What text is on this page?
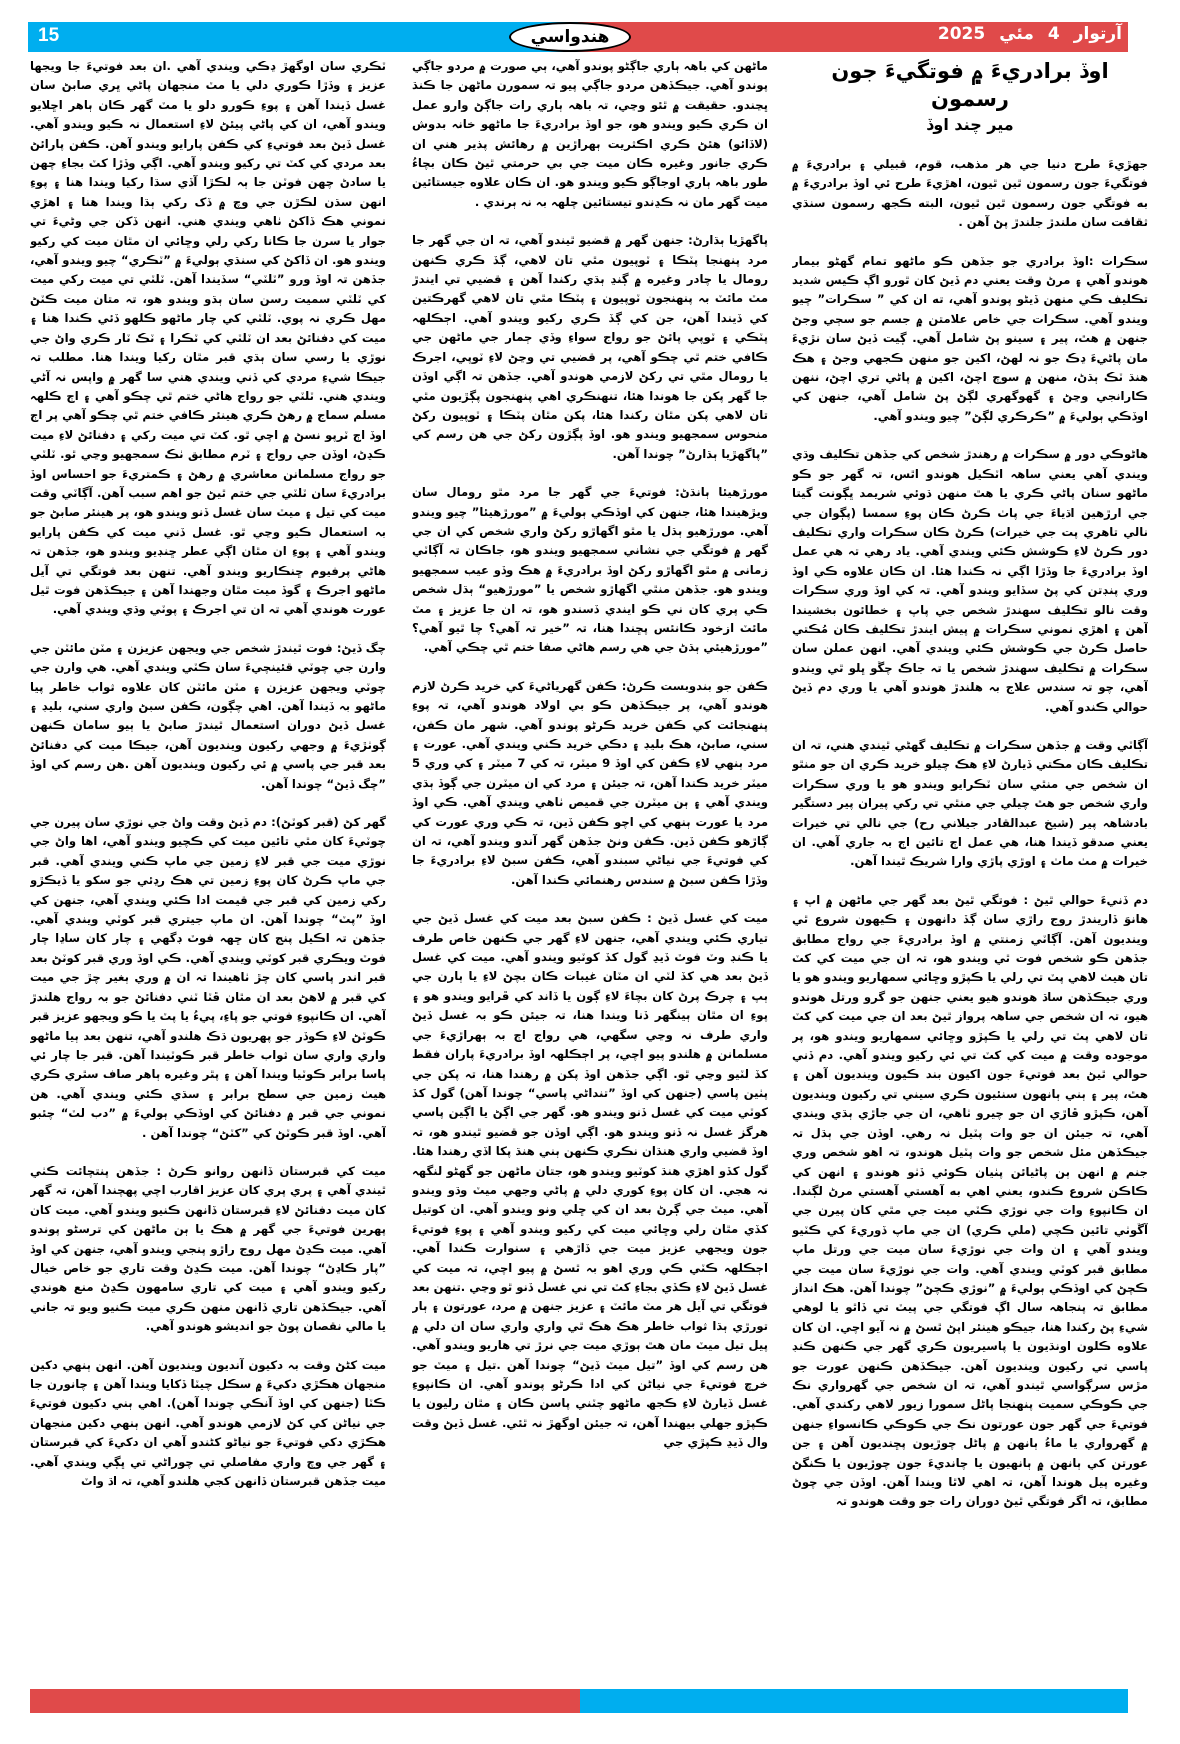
15	آرتوار
4
مئي
2025
هندواسي
اوڏ برادريءَ ۾ فوتگيءَ جون رسمون
مير چند اوڏ

جهڙيءَ طرح دنيا جي هر مذهب، قوم، قبيلي ۽ برادريءَ ۾ فوتگيءَ جون رسمون ٿين ٿيون، اهڙيءَ طرح ئي اوڏ برادريءَ ۾ به فوتگي جون رسمون ٿين ٿيون، البته ڪجھ رسمون سنڌي ثقافت سان ملندڙ جلندڙ پڻ آهن .

سڪرات :اوڏ برادري جو جڏهن ڪو ماڻهو تمام گهڻو بيمار هوندو آهي ۽ مرڻ وقت يعني دم ڏيڻ کان ٿورو اڳ ڪيس شديد تڪليف ڪي منهن ڏيڻو پوندو آهي، ته ان کي ” سڪرات” چيو ويندو آهي. سڪرات جي خاص علامتن ۾ جسم جو سڄي وجڻ جنهن ۾ هٿ، پير ۽ سينو پڻ شامل آهي. ڳيت ڏيڻ سان نڙيءَ مان پاڻيءَ ڍڪ جو نہ لهڻ، اکين جو منهن ڪجهي وجڻ ۽ هڪ هنڌ ٽڪ ٻڌڻ، منهن ۾ سوڄ اچڻ، اکين ۾ پاڻي تري اچڻ، ننهن ڪارانجي وڃڻ ۽ گهوگهري لڳڻ پڻ شامل آهي، جنهن کي اوڏڪي ٻوليءَ ۾ ”ڪرڪري لڳڻ” چيو ويندو آهي.

هاڻوڪي دور ۾ سڪرات ۾ رهندڙ شخص کي جڏهن تڪليف وڌي ويندي آهي يعني ساهہ اٽڪيل هوندو اٿس، تہ گهر جو ڪو ماڻهو سنان پاڻي ڪري يا هٿ منهن ڌوئي شريمد ڀڳونت گيتا جي ارڙهين اڌياءَ جي پاٺ ڪرڻ ڪان پوءِ سمسا (پڳوان جي نالي تاهري پت جي خيرات) ڪرڻ ڪان سڪرات واري تڪليف دور ڪرڻ لاءِ ڪوشش ڪئي ويندي آهي. ياد رهي تہ هي عمل اوڏ برادريءَ جا وڏڙا اڳي نہ ڪندا هئا. ان ڪان علاوه ڪي اوڏ وري پنڊتن کي پڻ سڏايو ويندو آهي. تہ کي اوڏ وري سڪرات وقت نالو تڪليف سهندڙ شخص جي پاپ ۽ خطائون بخشيندا آهن ۽ اهڙي نموني سڪرات ۾ پيش ايندڙ تڪليف ڪان مُڪتي حاصل ڪرڻ جي ڪوشش ڪئي ويندي آهي. انهن عملن سان سڪرات ۾ تڪليف سهندڙ شخص يا تہ جاڪ چڱو ڀلو ٿي ويندو آهي، چو تہ سندس علاج بہ هلندڙ هوندو آهي يا وري دم ڏيڻ حوالي ڪندو آهي.

آڳاٽي وقت ۾ جڏهن سڪرات ۾ تڪليف گهڻي ٿيندي هني، تہ ان تڪليف ڪان مڪتي ڏيارڻ لاءِ هڪ چيلو خريد ڪري ان جو منٿو ان شخص جي منٿي سان ٽڪرايو ويندو هو يا وري سڪرات واري شخص جو هٿ چيلي جي منٿي تي رکي پيران پير دستگير بادشاهہ پير (شيخ عبدالقادر جيلاني رح) جي نالي تي خيرات يعني صدقو ڏيندا هنا، هي عمل اڄ تائين اڄ بہ جاري آهي. ان خيرات ۾ مٺ ماٺ ۽ اوڙي پاڙي وارا شريڪ ٿيندا آهن.

دم ڏنيءَ حوالي ٿيڻ : فوتگي ٿيڻ بعد گهر جي ماڻهن ۾ اپ ۽ هانوَ ڏاريندڙ روج راڙي سان ڳڏ دانهون ۽ ڪيهون شروع ٿي وينديون آهن. آڳاٽي زمنتي ۾ اوڏ برادريءَ جي رواج مطابق جڏهن ڪو شخص فوت ٿي ويندو هو، تہ ان جي ميت کي کٽ تان هيٺ لاهي پٽ تي رلي يا ڪپڙو وڇائي سمهاريو ويندو هو يا وري جيڪڏهن ساڌ هوندو هيو يعني جنهن جو گرو ورتل هوندو هيو، تہ ان شخص جي ساهہ پرواز ٿيڻ بعد ان جي ميت کي کٽ تان لاهي پٽ تي رلي يا ڪپڙو وڇائي سمهاريو ويندو هو، پر موجوده وقت ۾ ميت کي کٽ تي ئي رکيو ويندو آهي. دم ڏني حوالي ٿيڻ بعد فوتيءَ جون اکيون بند ڪيون وينديون آهن ۽ هٿ، پير ۽ ٻني ٻانهون سنئيون ڪري سيني تي رکيون وينديون آهن، ڪپڙو ڦاڙي ان جو چيرو ٺاهي، ان جي جاڙي ٻڌي ويندي آهي، تہ جيئن ان جو وات پٽيل نہ رهي. اوڏن جي ٻڌل تہ جيڪڏهن مئل شخص جو وات پٽيل هوندو، تہ اهو شخص وري جنم ۾ انهن ٻن پاڻيائن پٺيان ڪوئي ڏٺو هوندو ۽ انهن کي ڪاڪن شروع ڪندو، يعني اهي به آهستي آهستي مرڻ لڳندا. ان ڪانپوءِ وات جي نوڙي ڪٽي ميت جي مٿي کان پيرن جي آڱوٺي تائين ڪچي (ملي ڪري) ان جي ماپ ڏوريءَ کي ڪٽيو ويندو آهي ۽ ان وات جي نوڙيءَ سان ميت جي ورتل ماپ مطابق قبر کوٽي ويندي آهي. وات جي نوڙيءَ سان ميت جي ڪچڻ کي اوڏڪي ٻوليءَ ۾ ”نوڙي ڪچڻ” چوندا آهن. هڪ انداز مطابق تہ پنجاهہ سال اڳ فوتگي جي پيٽ تي ڏاٿو يا لوهي شيءِ پڻ رکندا هنا، جيڪو هينئر اپڻ ٿسڻ ۾ نہ آيو اچي. ان کان علاوه ڪلون اونڌيون يا پاسيريون ڪري گهر جي ڪنهن ڪنڊ پاسي تي رکيون وينديون آهن. جيڪڏهن ڪنهن عورت جو مڙس سرڳواسي ٿيندو آهي، تہ ان شخص جي گهرواري نڪ جي ڪوڪي سميت پنهنجا پاڻل سمورا زيور لاهي رکندي آهي. فوتيءَ جي گهر جون عورتون نڪ جي ڪوڪي ڪانسواءِ جنهن ۾ گهرواري يا ماءُ ٻانهن ۾ پاڻل چوڙيون پڇنديون آهن ۽ جن عورتن کي ٻانهن ۾ ٻانهيون يا چانديءَ جون چوڙيون يا ڪنگڻ وغيره پيل هوندا آهن، تہ اهي لاٿا ويندا آهن. اوڏن جي چوڻ مطابق، تہ اگر فوتگي ٿيڻ دوران رات جو وقت هوندو تہ

ماڻهن کي باهہ ٻاري جاڳڻو پوندو آهي، ٻي صورت ۾ مردو جاڳي پوندو آهي. جيڪڏهن مردو جاڳي پيو تہ سمورن ماڻهن جا ڪنڌ ڀڃندو. حقيقت ۾ ٿئو وڃي، تہ باهہ ٻاري رات جاڳڻ وارو عمل ان ڪري ڪيو ويندو هو، جو اوڏ برادريءَ جا ماڻهو خانہ بدوش (لاڏائو) هئڻ ڪري اڪثريت ٻهراڙين ۾ رهائش پذير هني ان ڪري جانور وغيره ڪان ميت جي بي حرمتي ٿيڻ ڪان بچاءُ طور باهہ ٻاري اوجاڳو ڪيو ويندو هو. ان ڪان علاوه جيستائين ميت گهر مان نہ ڪڍندو تيستائين چلهہ بہ نہ ٻرندي .

پاگهڙيا ٻڌارڻ: جنهن گهر ۾ قضيو ٿيندو آهي، تہ ان جي گهر جا مرد پنهنجا پٽڪا ۽ ٽوپيون مٿي تان لاهي، ڳڏ ڪري ڪنهن رومال يا چادر وغيره ۾ ڳنڍ ٻڌي رکندا آهن ۽ قضيي تي ايندڙ مٽ مائٽ بہ پنهنجون ٽوپيون ۽ پٽڪا مٿي تان لاهي گهرڪتين کي ڏيندا آهن، جن کي ڳڏ ڪري رکيو ويندو آهي. اڄڪلهہ پٽڪي ۽ ٽوپي پائڻ جو رواج سواءِ وڏي ڄمار جي ماڻهن جي ڪافي ختم ٿي چڪو آهي، پر قضيي تي وڃڻ لاءِ ٽوپي، اجرڪ يا رومال مٿي تي رکڻ لازمي هوندو آهي. جڏهن تہ اڳي اوڏن جا گهر پکن جا هوندا هئا، تنهنڪري اهي پنهنجون پڳڙيون مٿي تان لاهي پکن مٿان رکندا هئا، پکن مٿان پٽڪا ۽ ٽوپيون رکڻ منحوس سمجهيو ويندو هو. اوڏ پڳڙون رکڻ جي هن رسم کي ”پاگهڙيا ٻڌارڻ” چوندا آهن.

مورڙهيئا ٻانڌڻ: فوتيءَ جي گهر جا مرد مٿو رومال سان ويڙهيندا هئا، جنهن کي اوڏڪي ٻوليءَ ۾ ”مورڙهيئا” چيو ويندو آهي. مورڙهيو ٻڌل يا مٿو اگهاڙو رکڻ واري شخص کي ان جي گهر ۾ فوتگي جي نشاني سمجهيو ويندو هو، جاڪان تہ آڳاٽي زمانی ۾ مٿو اگهاڙو رکڻ اوڏ برادريءَ ۾ هڪ وڏو عيب سمجهيو ويندو هو. جڏهن منٿي اگهاڙو شخص يا ”مورڙهيو“ ٻڌل شخص ڪي پري کان ني ڪو ايندي ڏسندو هو، تہ ان جا عزيز ۽ مٽ مائٽ ازخود ڪانئس پڇندا هنا، تہ ”خير تہ آهي؟ چا ٿيو آهي؟ ”مورڙهيئي ٻڌڻ جي هي رسم هاڻي صفا ختم ٿي چڪي آهي.

ڪفن جو بندوبست ڪرڻ: ڪفن گهرياڻيءَ کي خريد ڪرڻ لازم هوندو آهي، پر جيڪڏهن ڪو بي اولاد هوندو آهي، تہ پوءِ پنهنجائت کي ڪفن خريد ڪرڻو پوندو آهي. شهر مان ڪفن، سني، صابڻ، هڪ بليڊ ۽ دڪي خريد ڪني ويندي آهي. عورت ۽ مرد ٻنهي لاءِ ڪفن کي اوڏ 9 ميٽر، تہ کي 7 ميٽر ۽ کي وري 5 ميٽر خريد ڪندا آهن، تہ جيئن ۽ مرد کي ان ميٽرن جي ڳوڏ ٻڌي ويندي آهي ۽ ٻن ميٽرن جي قميص ٺاهي ويندي آهي. ڪي اوڏ مرد يا عورت ٻنهي کي اچو ڪفن ڏين، تہ ڪي وري عورت کي ڳاڙهو ڪفن ڏين. ڪفن ونڻ جڏهن گهر آندو ويندو آهي، تہ ان کي فوتيءَ جي نياڻي سبندو آهي، ڪفن سبڻ لاءِ برادريءَ جا وڏڙا ڪفن سبڻ ۾ سندس رهنمائي ڪندا آهن.

ميت کي غسل ڏيڻ : ڪفن سبڻ بعد ميت کي غسل ڏيڻ جي تياري ڪئي ويندي آهي، جنهن لاءِ گهر جي ڪنهن خاص طرف يا ڪنڊ وٽ فوٽ ڏيڍ گول کڏ کوٽيو ويندو آهي. ميت کي غسل ڏيڻ بعد هي کڏ لٽي ان مٽان غيبات ڪان بچڻ لاءِ يا ٻارن جي ٻپ ۽ چرڪ پرڻ کان بچاءَ لاءِ ڳون يا ڏاند کي ڦرايو ويندو هو ۽ پوءِ ان مٿان ٻينگهر ڏنا ويندا هنا، تہ جيئن ڪو بہ غسل ڏيڻ واري طرف نہ وڃي سگهي، هي رواج اڄ بہ ٻهراڙيءَ جي مسلمانن ۾ هلندو پيو اچي، پر اڄڪلهہ اوڏ برادريءَ پاران فقط کڏ لٽيو وڃي ٿو. اڳي جڏهن اوڏ پکن ۾ رهندا هنا، تہ پکن جي پٺين پاسي (جنهن کي اوڏ ”تنداڻي پاسي“ چوندا آهن) گول کڏ کوٽي ميت کي غسل ڏنو ويندو هو. گهر جي اڳڻ يا اڳين پاسي هرگز غسل نہ ڏنو ويندو هو. اڳي اوڏن جو قضيو ٿيندو هو، تہ اوڏ قضيي واري هنڌان نڪري ڪنهن ٻني هنڌ پکا اڏي رهندا هئا. گول کڏو اهڙي هنڌ کوٽيو ويندو هو، جتان ماڻهن جو گهڻو لنگهہ نہ هجي. ان کان پوءِ کوري دلي ۾ پاڻي وجهي ميٽ وڌو ويندو آهي. ميٽ جي ڳرڻ بعد ان کي ڇلي ونو ويندو آهي. ان کوتيل کڏي مٿان رلي وڇائي ميت کي رکيو ويندو آهي ۽ پوءِ فوتيءَ جون ويجهي عزيز ميت جي ڏاڙهي ۽ سنوارت ڪندا آهي. اڄڪلهہ ڪٽي ڪي وري اهو بہ ٿسڻ ۾ پيو اچي، تہ ميت کي غسل ڏيڻ لاءِ ڪڏي بجاءِ کٽ تي ني غسل ڏنو ٿو وڃي .تنهن بعد فوتگي تي آيل هر مٽ مائٽ ۽ عزيز جنهن ۾ مرد، عورتون ۽ ٻار تورڙي ٻڌا ثواب خاطر هڪ هڪ ٿي واري واري سان ان دلي ۾ پيل تيل ميٽ مان هٿ ٻوڙي ميت جي نرڙ تي هاريو ويندو آهي. هن رسم کي اوڏ ”تيل ميٽ ڏيڻ“ چوندا آهن .تيل ۽ ميٽ جو خرچ فوتيءَ جي نياڻن کي ادا ڪرڻو پوندو آهي. ان ڪانپوءِ غسل ڏيارڻ لاءِ ڪجھ ماڻهو چٽني پاسن ڪان ۽ مٿان رليون يا ڪپڙو جهلي بيهندا آهن، تہ جيئن اوگهڙ نہ ٿئي. غسل ڏيڻ وقت وال ڏيڍ ڪپڙي جي

ٽڪري سان اوگهڙ ڍڪي ويندي آهي .ان بعد فوتيءَ جا ويجها عزيز ۽ وڏڙا ڪوري دلي يا مٽ منجهان پاڻي ڀري صابڻ سان غسل ڏيندا آهن ۽ پوءِ ڪورو دلو يا مٽ گهر ڪان ٻاهر اڇلايو ويندو آهي، ان کي پاڻي پيئڻ لاءِ استعمال نہ ڪيو ويندو آهي. غسل ڏيڻ بعد فوتيءِ کي ڪفن پارايو ويندو آهن. ڪفن پارائڻ بعد مردي کي کٽ تي رکيو ويندو آهي. اڳي وڏڙا کٽ بجاءِ چهن يا سادڻ چهن فوٽن جا ٻہ لڪڙا آڏي سڌا رکيا ويندا هنا ۽ پوءِ انهن سڌن لڪڙن جي وچ ۾ ڏک رکي ٻڌا ويندا هنا ۽ اهڙي نموني هڪ ڏاکڻ ٺاهي ويندي هني. انهن ڏکن جي وڻيءَ تي جوار يا سرن جا ڪانا رکي رلي وڇائي ان مٿان ميت کي رکيو ويندو هو. ان ڏاکڻ کي سنڌي ٻوليءَ ۾ ”ٽڪري“ چيو ويندو آهي، جڏهن تہ اوڏ ورو ”ٽلٽي“ سڏيندا آهن. ٽلٽي تي ميت رکي ميت کي ٽلٽي سميت رسن سان ٻڌو ويندو هو، تہ متان ميت ڪٽڻ مهل ڪري نہ پوي. ٽلٽي کي چار ماڻهو ڪلهو ڏئي ڪندا هنا ۽ ميت کي دفنائڻ بعد ان ٽلٽي کي ٽڪرا ۽ ٽڪ ٽار ڪري واڻ جي نوڙي يا رسي سان ٻڌي قبر مٿان رکيا ويندا هنا. مطلب تہ جيڪا شيءِ مردي کي ڏني ويندي هني سا گهر ۾ واپس نہ آڻي ويندي هني. ٽلٽي جو رواج هاڻي ختم ٿي چڪو آهي ۽ اڄ ڪلهہ مسلم سماج ۾ رهڻ ڪري هينئر ڪافي ختم ٿي چڪو آهي پر اڄ اوڏ اڄ ٽرپو نسڻ ۾ اچي ٿو. کٽ تي ميت رکي ۽ دفنائڻ لاءِ ميت ڪڍڻ، اوڏن جي رواج ۽ ٽرم مطابق ٺڪ سمجهيو وڃي ٿو. ٽلٽي جو رواج مسلمانن معاشري ۾ رهڻ ۽ ڪمتريءَ جو احساس اوڏ برادريءَ سان ٽلٽي جي ختم ٿيڻ جو اهم سبب آهن. آڳاٽي وقت ميت کي تيل ۽ ميٽ سان غسل ڏنو ويندو هو، پر هينئر صابڻ جو بہ استعمال ڪيو وڃي ٿو. غسل ڏني ميت کي ڪفن پارايو ويندو آهي ۽ پوءِ ان مٿان اڳي عطر ڇنڊيو ويندو هو، جڏهن تہ هاڻي پرفيوم ڇنڪاريو ويندو آهي. تنهن بعد فوتگي تي آيل ماڻهو اجرڪ ۽ گوڏ ميت مٿان وجهندا آهن ۽ جيڪڏهن فوت ٿيل عورت هوندي آهي تہ ان تي اجرڪ ۽ پوٽي وڌي ويندي آهي.

چگ ڏيڻ: فوت ٿيندڙ شخص جي ويجهن عزيزن ۽ مٽن مائٽن جي وارن جي چوٽي قئينچيءَ سان ڪٽي ويندي آهي. هي وارن جي چوٽي ويجهن عزيزن ۽ مٽن مائٽن کان علاوه ثواب خاطر پيا ماڻهو بہ ڏيندا آهن. اهي چڳون، ڪفن سبڻ واري سني، بليڊ ۽ غسل ڏيڻ دوران استعمال ٿيندڙ صابڻ يا ٻيو سامان ڪنهن ڳوٺڙيءَ ۾ وجهي رکيون وينديون آهن، جيڪا ميت کي دفنائڻ بعد قبر جي پاسي ۾ ئي رکيون وينديون آهن .هن رسم کي اوڏ ”چگ ڏيڻ“ چوندا آهن.

گهر کڻ (قبر کوٽڻ): دم ڏيڻ وقت واڻ جي نوڙي سان پيرن جي چوٽيءَ کان مٿي تائين ميت کي ڪچيو ويندو آهي، اها واڻ جي نوڙي ميت جي قبر لاءِ زمين جي ماپ ڪني ويندي آهي. قبر جي ماپ ڪرڻ کان پوءِ زمين تي هڪ رڍئي جو سکو يا ڏيڪڙو رکي زمين کي قبر جي قيمت ادا ڪئي ويندي آهي، جنهن کي اوڏ ”پٽ“ چوندا آهن. ان ماپ جيتري قبر کوٽي ويندي آهي. جڏهن تہ اڪيل پنج کان ڇهہ فوٽ ڊگهي ۽ چار کان ساڍا چار فوٽ ويڪري قبر کوٽي ويندي آهي. ڪي اوڏ وري قبر کوٽڻ بعد قبر اندر پاسي کان چڙ ٺاهيندا تہ ان ۾ وري ٻغير چڙ جي ميت کي قبر ۾ لاهڻ بعد ان مٿان ڦٽا ٽني دفنائڻ جو بہ رواج هلندڙ آهي. ان ڪانپوءِ فوتي جو پاءِ، پيءُ يا پٽ يا ڪو ويجهو عزيز قبر ڪوٽڻ لاءِ ڪوڏر جو پهريون ڌڪ هلندو آهي، تنهن بعد ٻيا ماڻهو واري واري سان ثواب خاطر قبر ڪوٽيندا آهن. قبر جا چار ئي پاسا برابر ڪوٽيا ويندا آهن ۽ پٿر وغيره ٻاهر صاف سٿري ڪري هيٺ زمين جي سطح برابر ۽ سڌي ڪئي ويندي آهي. هن نموني جي قبر ۾ دفنائڻ کي اوڏڪي ٻوليءَ ۾ ”دب لٽ“ چئبو آهي. اوڏ قبر ڪوٽڻ کي ”کٽڻ“ چوندا آهن .

ميت کي قبرستان ڏانهن روانو ڪرڻ : جڏهن پنتچائت ڪٺي ٿيندي آهي ۽ پري پري کان عزيز اقارب اچي پهچندا آهن، تہ گهر کان ميت دفنائڻ لاءِ قبرستان ڏانهن ڪنيو ويندو آهي. ميت کان پهرين فوتيءَ جي گهر ۾ هڪ يا ٻن ماڻهن کي ترسڻو پوندو آهي. ميت ڪڍڻ مهل روج راڙو پنجي ويندو آهي، جنهن کي اوڏ ”پار ڪاڍڻ“ چوندا آهن. ميت ڪڍڻ وقت تاري جو خاص خيال رکيو ويندو آهي ۽ ميت کي تاري سامهون ڪڍڻ منع هوندي آهي. جيڪڏهن تاري ڏانهن منهن ڪري ميت ڪنيو ويو تہ جاني يا مالي نقصان پوڻ جو انديشو هوندو آهي.

ميت کڻڻ وقت بہ دکيون آنديون وينديون آهن. انهن ٻنهي دکين منجهان هڪڙي دکيءَ ۾ سڪل چيٽا ڏکايا ويندا آهن ۽ چانورن جا ڪٽا (جنهن کي اوڏ آنڪي چوندا آهن). اهي ٻني دکيون فوتيءَ جي نياڻن کي کڻ لازمي هوندو آهي. انهن ٻنهي دکين منجهان هڪڙي دکي فوتيءَ جو نياڻو کڻندو آهي ان دکيءَ کي قبرستان ۽ گهر جي وچ واري مفاصلي تي چوراڻي تي ڀڳي ويندي آهي. ميت جڏهن قبرستان ڏانهن کجي هلندو آهي، تہ اڌ واٽ
